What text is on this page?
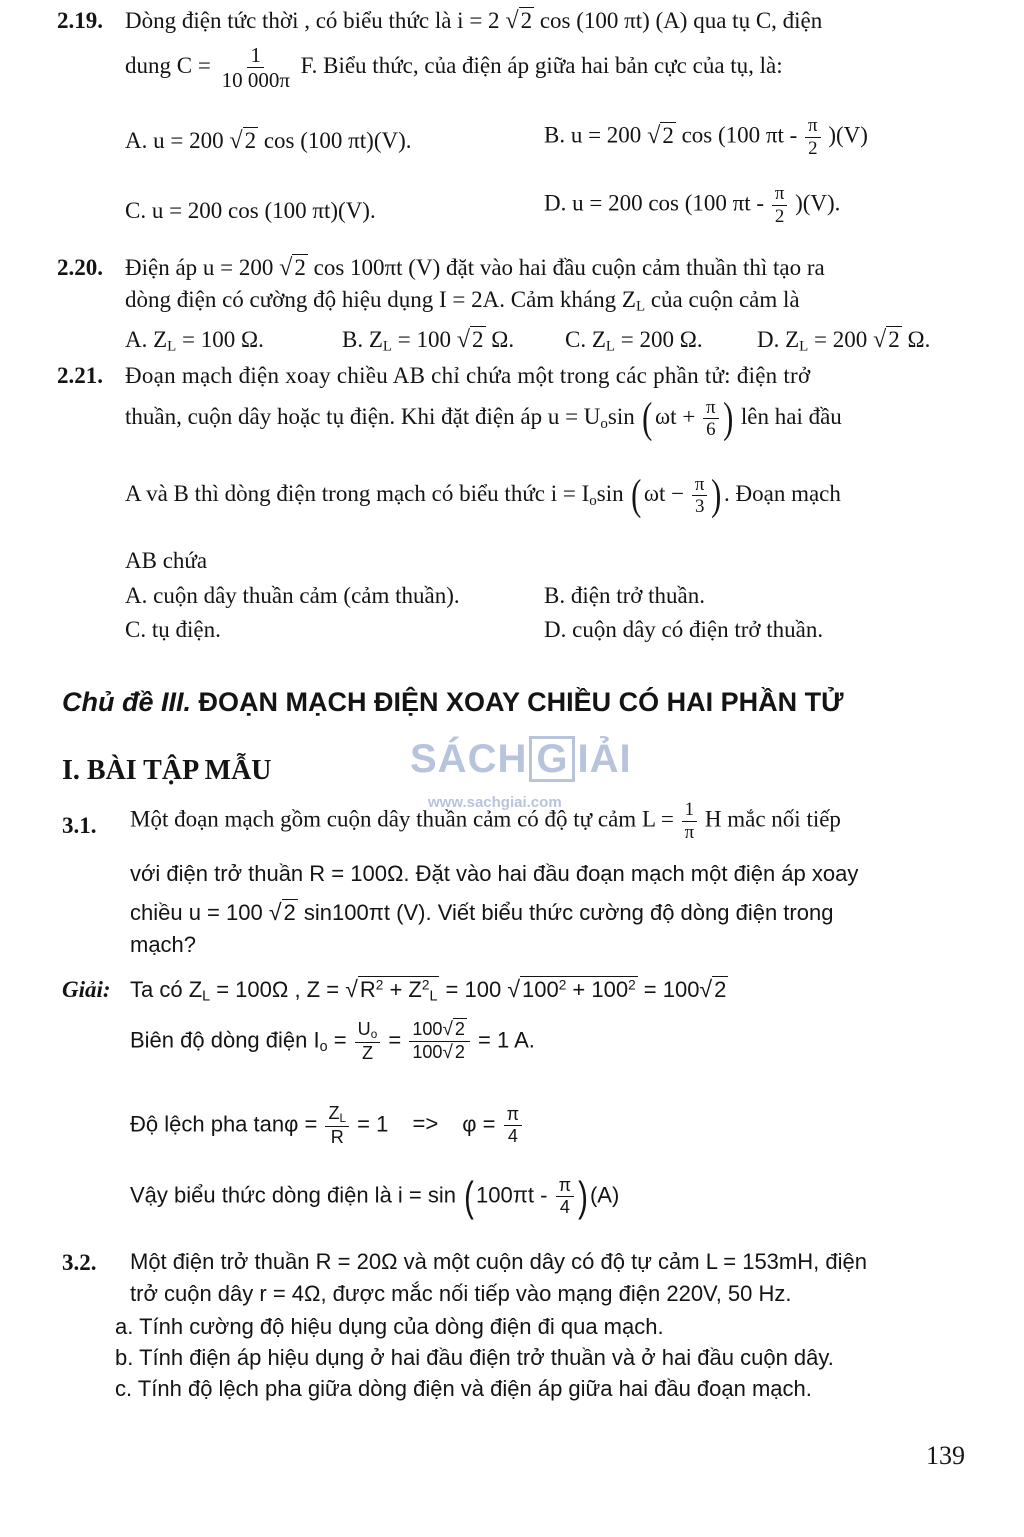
2.19. Dòng điện tức thời , có biểu thức là i = 2 √2 cos (100 πt) (A) qua tụ C, điện
dung $C = \frac{1}{10 000\pi} F$. Biểu thức, của điện áp giữa hai bản cực của tụ, là:
A. u = 200 √2 cos (100 πt)(V).	B. u = 200 √2 cos (100 πt - $\frac{\pi}{2} )(V)$
C. u = 200 cos (100 πt)(V).	D. u = 200 cos (100 πt - $\frac{\pi}{2} )(V)$.
2.20. Điện áp u = 200 √2 cos 100πt (V) đặt vào hai đầu cuộn cảm thuần thì tạo ra
dòng điện có cường độ hiệu dụng I = 2A. Cảm kháng $Z_L$ của cuộn cảm là
A. $Z_L = 100$ Ω.	B. $Z_L = 100$ √2 Ω. C. $Z_L = 200$ Ω. D. $Z_L = 200$ √2 Ω.
2.21. Đoạn mạch điện xoay chiều AB chỉ chứa một trong các phần tử: điện trở
thuần, cuộn dây hoặc tụ điện. Khi đặt điện áp $u = U_o\sin$ ($\omega t + \frac{\pi}{6}$ ) lên hai đầu
A và B thì dòng điện trong mạch có biểu thức $i = I_o\sin$ ($\omega t - \frac{\pi}{3}$ ). Đoạn mạch
AB chứa
A. cuộn dây thuần cảm (cảm thuần).	B. điện trở thuần.
C. tụ điện.	D. cuộn dây có điện trở thuần.
Chủ đề III. ĐOẠN MẠCH ĐIỆN XOAY CHIỀU CÓ HAI PHẦN TỬ
I. BÀI TẬP MẪU	SÁCH G IẢI
www.sachgiai.com
3.1. Một đoạn mạch gồm cuộn dây thuần cảm có độ tự cảm $L = \frac{1}{\pi}$ H mắc nối tiếp
với điện trở thuần R = 100Ω. Đặt vào hai đầu đoạn mạch một điện áp xoay
chiều u = 100 √2 sin100πt (V). Viết biểu thức cường độ dòng điện trong
mạch?
Giải: Ta có $Z_L = 100\Omega$ , $Z = √R^2 + Z^2_L = 100$ $√100^2 + 100^2 = 100√2$
Biên độ dòng điện $I_o = \frac{U_o}{Z} = \frac{100√ 2}{100√ 2} = 1$ A.
Độ lệch pha $\tan\varphi = \frac{Z_L}{R} = 1 => \varphi = \frac{\pi}{4}$
Vậy biểu thức dòng điện là $i = \sin (100\pi t - \frac{\pi}{4} )(A)$
3.2. Một điện trở thuần R = 20Ω và một cuộn dây có độ tự cảm L = 153mH, điện
trở cuộn dây r = 4Ω, được mắc nối tiếp vào mạng điện 220V, 50 Hz.
a. Tính cường độ hiệu dụng của dòng điện đi qua mạch.
b. Tính điện áp hiệu dụng ở hai đầu điện trở thuần và ở hai đầu cuộn dây.
c. Tính độ lệch pha giữa dòng điện và điện áp giữa hai đầu đoạn mạch.
139
